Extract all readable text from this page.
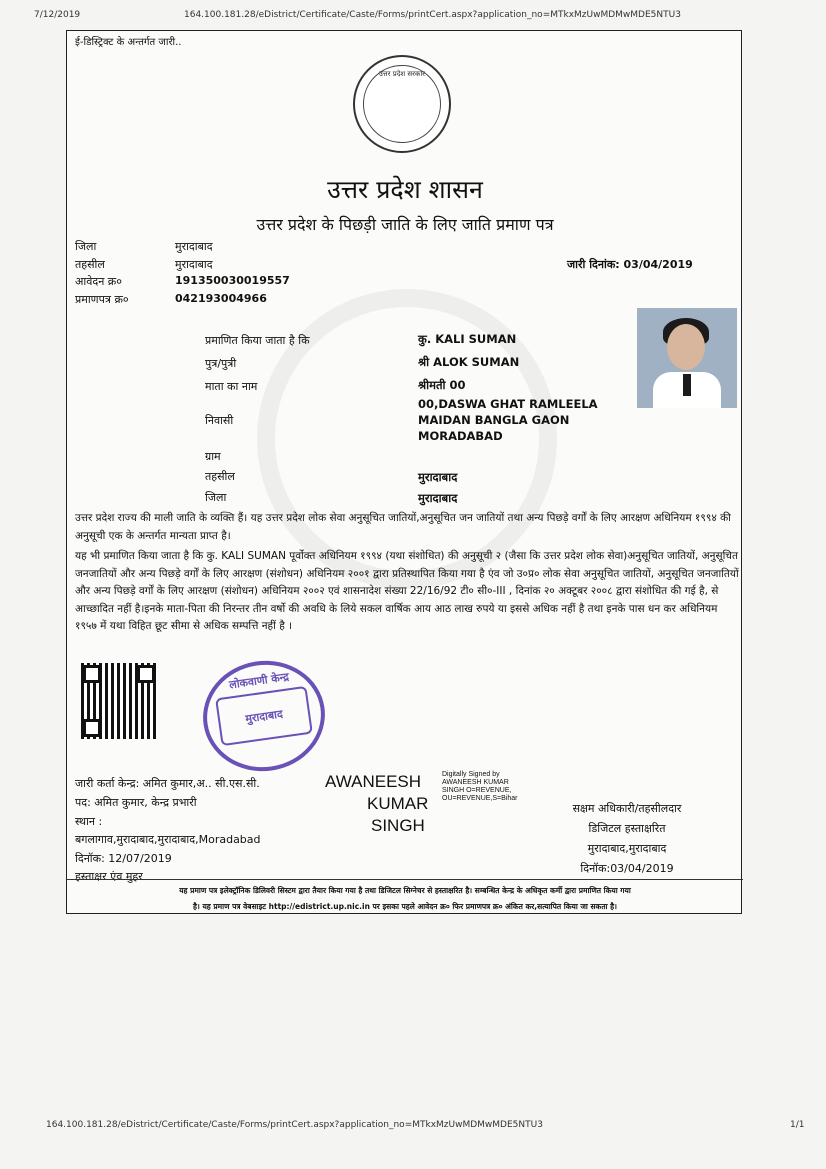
7/12/2019	164.100.181.28/eDistrict/Certificate/Caste/Forms/printCert.aspx?application_no=MTkxMzUwMDMwMDE5NTU3
ई-डिस्ट्रिक्ट के अन्तर्गत जारी..
उत्तर प्रदेश सरकार
उत्तर प्रदेश शासन
उत्तर प्रदेश के पिछड़ी जाति के लिए जाति प्रमाण पत्र
जिला	मुरादाबाद
तहसील	मुरादाबाद
आवेदन क्र०	191350030019557
प्रमाणपत्र क्र०	042193004966
जारी दिनांक: 03/04/2019
प्रमाणित किया जाता है कि	कु. KALI SUMAN
पुत्र/पुत्री	श्री ALOK SUMAN
माता का नाम	श्रीमती 00
00,DASWA GHAT RAMLEELA
निवासी	MAIDAN BANGLA GAON
MORADABAD
ग्राम
तहसील	मुरादाबाद
जिला	मुरादाबाद
उत्तर प्रदेश राज्य की माली जाति के व्यक्ति हैं। यह उत्तर प्रदेश लोक सेवा अनुसूचित जातियों,अनुसूचित जन जातियों तथा अन्य पिछड़े वर्गों के लिए आरक्षण अधिनियम १९९४ की अनुसूची एक के अन्तर्गत मान्यता प्राप्त है।
यह भी प्रमाणित किया जाता है कि कु. KALI SUMAN पूर्वोक्त अधिनियम १९९४ (यथा संशोधित) की अनुसूची २ (जैसा कि उत्तर प्रदेश लोक सेवा)अनुसूचित जातियों, अनुसूचित जनजातियों और अन्य पिछड़े वर्गों के लिए आरक्षण (संशोधन) अधिनियम २००१ द्वारा प्रतिस्थापित किया गया है एंव जो उ०प्र० लोक सेवा अनुसूचित जातियों, अनुसूचित जनजातियों और अन्य पिछड़े वर्गों के लिए आरक्षण (संशोधन) अधिनियम २००२ एवं शासनादेश संख्या 22/16/92 टी० सी०-III , दिनांक २० अक्टूबर २००८ द्वारा संशोधित की गई है, से आच्छादित नहीं है।इनके माता-पिता की निरन्तर तीन वर्षो की अवधि के लिये सकल वार्षिक आय आठ लाख रुपये या इससे अधिक नहीं है तथा इनके पास धन कर अधिनियम १९५७ में यथा विहित छूट सीमा से अधिक सम्पत्ति नहीं है ।
लोकवाणी केन्द्र
मुरादाबाद
जारी कर्ता केन्द्र: अमित कुमार,अ.. सी.एस.सी.
पद: अमित कुमार, केन्द्र प्रभारी
स्थान :
बगलागाव,मुरादाबाद,मुरादाबाद,Moradabad
दिनॉक: 12/07/2019
हस्ताक्षर एंव मुहर
AWANEESH
KUMAR
SINGH
Digitally Signed by
AWANEESH KUMAR
SINGH O=REVENUE,
OU=REVENUE,S=Bihar
सक्षम अधिकारी/तहसीलदार
डिजिटल हस्ताक्षरित
मुरादाबाद,मुरादाबाद
दिनॉक:03/04/2019
यह प्रमाण पत्र इलेक्ट्रॉनिक डिलिवरी सिस्टम द्वारा तैयार किया गया है तथा डिजिटल सिग्नेचर से हस्ताक्षरित है। सम्बन्धित केन्द्र के अधिकृत कर्मी द्वारा प्रमाणित किया गया
है। यह प्रमाण पत्र वेबसाइट http://edistrict.up.nic.in पर इसका पहले आवेदन क्र० फिर प्रमाणपत्र क्र० अंकित कर,सत्यापित किया जा सकता है।
164.100.181.28/eDistrict/Certificate/Caste/Forms/printCert.aspx?application_no=MTkxMzUwMDMwMDE5NTU3	1/1
